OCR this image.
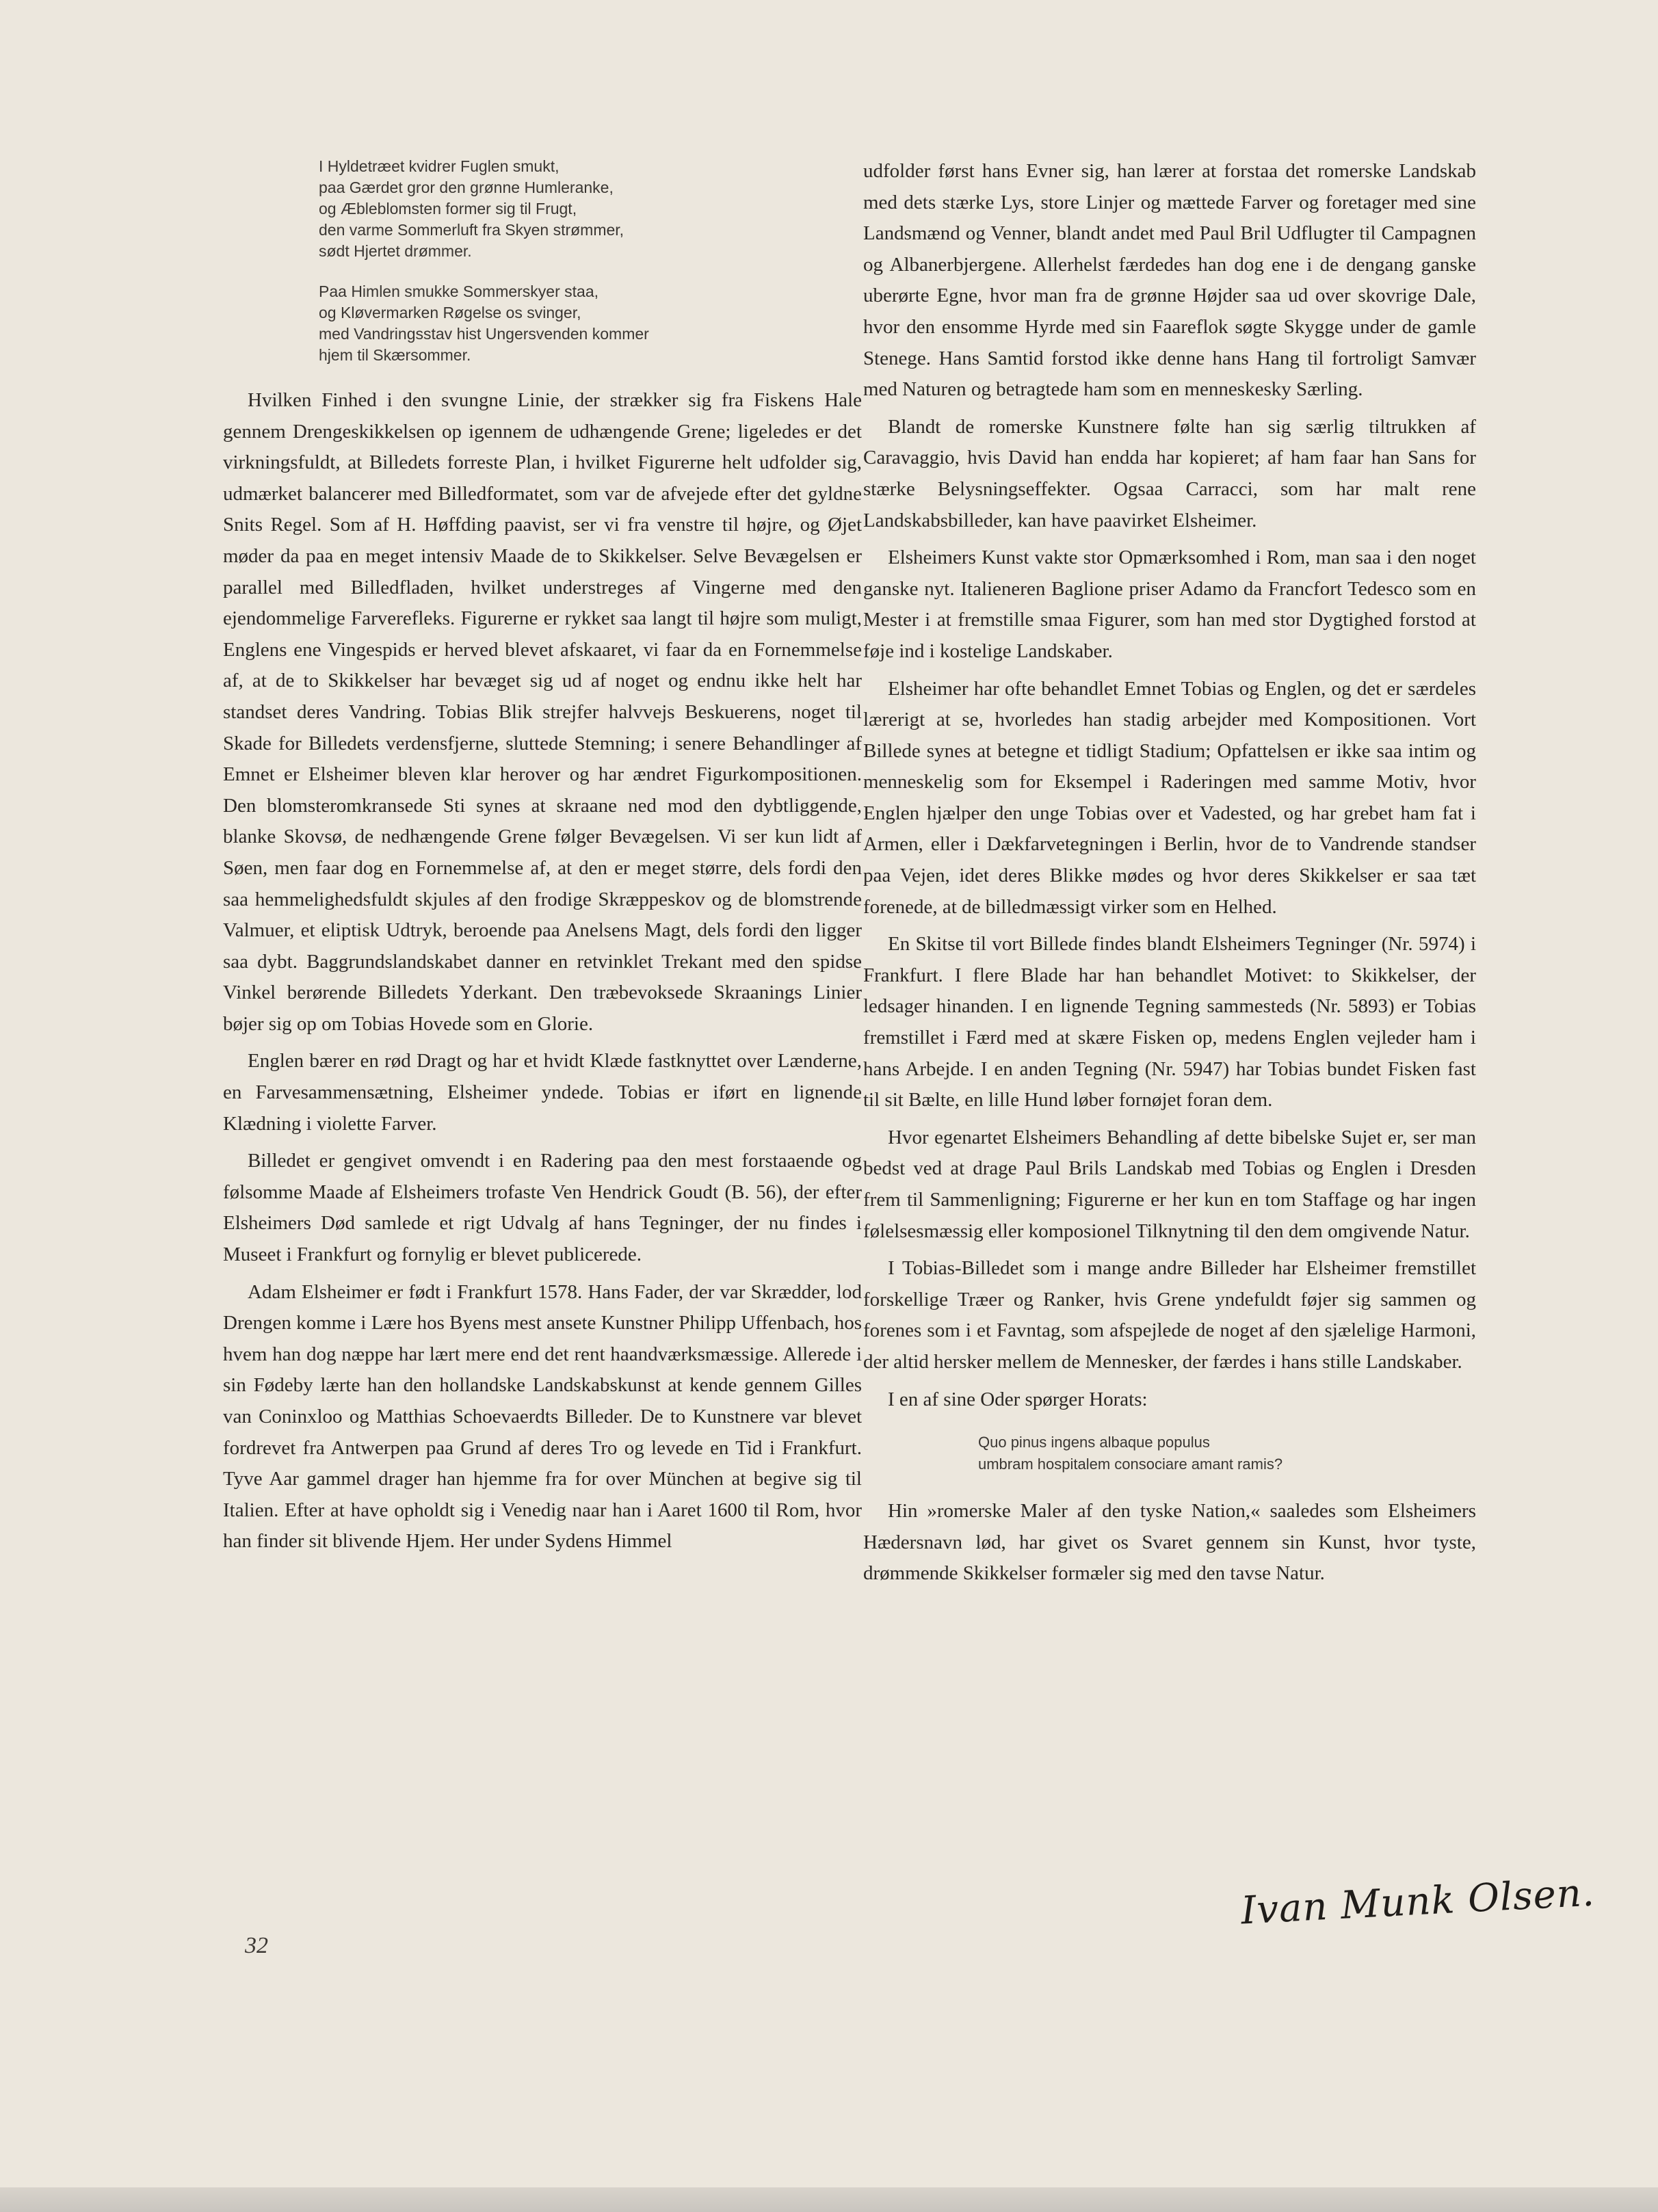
I Hyldetræet kvidrer Fuglen smukt,
paa Gærdet gror den grønne Humleranke,
og Æbleblomsten former sig til Frugt,
den varme Sommerluft fra Skyen strømmer,
sødt Hjertet drømmer.
Paa Himlen smukke Sommerskyer staa,
og Kløvermarken Røgelse os svinger,
med Vandringsstav hist Ungersvenden kommer
hjem til Skærsommer.

Hvilken Finhed i den svungne Linie, der strækker sig fra Fiskens Hale gennem Drengeskikkelsen op igennem de udhængende Grene; ligeledes er det virkningsfuldt, at Billedets forreste Plan, i hvilket Figurerne helt udfolder sig, udmærket balancerer med Billedformatet, som var de afvejede efter det gyldne Snits Regel. Som af H. Høffding paavist, ser vi fra venstre til højre, og Øjet møder da paa en meget intensiv Maade de to Skikkelser. Selve Bevægelsen er parallel med Billedfladen, hvilket understreges af Vingerne med den ejendommelige Farverefleks. Figurerne er rykket saa langt til højre som muligt, Englens ene Vingespids er herved blevet afskaaret, vi faar da en Fornemmelse af, at de to Skikkelser har bevæget sig ud af noget og endnu ikke helt har standset deres Vandring. Tobias Blik strejfer halvvejs Beskuerens, noget til Skade for Billedets verdensfjerne, sluttede Stemning; i senere Behandlinger af Emnet er Elsheimer bleven klar herover og har ændret Figurkompositionen. Den blomsteromkransede Sti synes at skraane ned mod den dybtliggende, blanke Skovsø, de nedhængende Grene følger Bevægelsen. Vi ser kun lidt af Søen, men faar dog en Fornemmelse af, at den er meget større, dels fordi den saa hemmelighedsfuldt skjules af den frodige Skræppeskov og de blomstrende Valmuer, et eliptisk Udtryk, beroende paa Anelsens Magt, dels fordi den ligger saa dybt. Baggrundslandskabet danner en retvinklet Trekant med den spidse Vinkel berørende Billedets Yderkant. Den træbevoksede Skraanings Linier bøjer sig op om Tobias Hovede som en Glorie.

Englen bærer en rød Dragt og har et hvidt Klæde fastknyttet over Lænderne, en Farvesammensætning, Elsheimer yndede. Tobias er iført en lignende Klædning i violette Farver.

Billedet er gengivet omvendt i en Radering paa den mest forstaaende og følsomme Maade af Elsheimers trofaste Ven Hendrick Goudt (B. 56), der efter Elsheimers Død samlede et rigt Udvalg af hans Tegninger, der nu findes i Museet i Frankfurt og fornylig er blevet publicerede.

Adam Elsheimer er født i Frankfurt 1578. Hans Fader, der var Skrædder, lod Drengen komme i Lære hos Byens mest ansete Kunstner Philipp Uffenbach, hos hvem han dog næppe har lært mere end det rent haandværksmæssige. Allerede i sin Fødeby lærte han den hollandske Landskabskunst at kende gennem Gilles van Coninxloo og Matthias Schoevaerdts Billeder. De to Kunstnere var blevet fordrevet fra Antwerpen paa Grund af deres Tro og levede en Tid i Frankfurt. Tyve Aar gammel drager han hjemme fra for over München at begive sig til Italien. Efter at have opholdt sig i Venedig naar han i Aaret 1600 til Rom, hvor han finder sit blivende Hjem. Her under Sydens Himmel

udfolder først hans Evner sig, han lærer at forstaa det romerske Landskab med dets stærke Lys, store Linjer og mættede Farver og foretager med sine Landsmænd og Venner, blandt andet med Paul Bril Udflugter til Campagnen og Albanerbjergene. Allerhelst færdedes han dog ene i de dengang ganske uberørte Egne, hvor man fra de grønne Højder saa ud over skovrige Dale, hvor den ensomme Hyrde med sin Faareflok søgte Skygge under de gamle Stenege. Hans Samtid forstod ikke denne hans Hang til fortroligt Samvær med Naturen og betragtede ham som en menneskesky Særling.

Blandt de romerske Kunstnere følte han sig særlig tiltrukken af Caravaggio, hvis David han endda har kopieret; af ham faar han Sans for stærke Belysningseffekter. Ogsaa Carracci, som har malt rene Landskabsbilleder, kan have paavirket Elsheimer.

Elsheimers Kunst vakte stor Opmærksomhed i Rom, man saa i den noget ganske nyt. Italieneren Baglione priser Adamo da Francfort Tedesco som en Mester i at fremstille smaa Figurer, som han med stor Dygtighed forstod at føje ind i kostelige Landskaber.

Elsheimer har ofte behandlet Emnet Tobias og Englen, og det er særdeles lærerigt at se, hvorledes han stadig arbejder med Kompositionen. Vort Billede synes at betegne et tidligt Stadium; Opfattelsen er ikke saa intim og menneskelig som for Eksempel i Raderingen med samme Motiv, hvor Englen hjælper den unge Tobias over et Vadested, og har grebet ham fat i Armen, eller i Dækfarvetegningen i Berlin, hvor de to Vandrende standser paa Vejen, idet deres Blikke mødes og hvor deres Skikkelser er saa tæt forenede, at de billedmæssigt virker som en Helhed.

En Skitse til vort Billede findes blandt Elsheimers Tegninger (Nr. 5974) i Frankfurt. I flere Blade har han behandlet Motivet: to Skikkelser, der ledsager hinanden. I en lignende Tegning sammesteds (Nr. 5893) er Tobias fremstillet i Færd med at skære Fisken op, medens Englen vejleder ham i hans Arbejde. I en anden Tegning (Nr. 5947) har Tobias bundet Fisken fast til sit Bælte, en lille Hund løber fornøjet foran dem.

Hvor egenartet Elsheimers Behandling af dette bibelske Sujet er, ser man bedst ved at drage Paul Brils Landskab med Tobias og Englen i Dresden frem til Sammenligning; Figurerne er her kun en tom Staffage og har ingen følelsesmæssig eller komposionel Tilknytning til den dem omgivende Natur.

I Tobias-Billedet som i mange andre Billeder har Elsheimer fremstillet forskellige Træer og Ranker, hvis Grene yndefuldt føjer sig sammen og forenes som i et Favntag, som afspejlede de noget af den sjælelige Harmoni, der altid hersker mellem de Mennesker, der færdes i hans stille Landskaber.

I en af sine Oder spørger Horats:

Quo pinus ingens albaque populus
umbram hospitalem consociare amant ramis?

Hin »romerske Maler af den tyske Nation,« saaledes som Elsheimers Hædersnavn lød, har givet os Svaret gennem sin Kunst, hvor tyste, drømmende Skikkelser formæler sig med den tavse Natur.

Ivan Munk Olsen.
32
